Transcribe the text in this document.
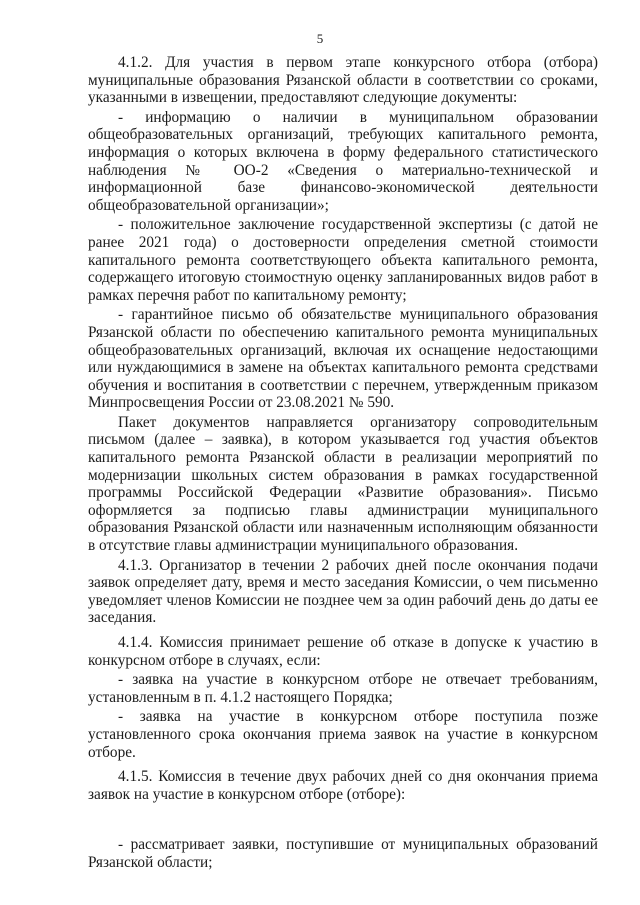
5

4.1.2. Для участия в первом этапе конкурсного отбора (отбора) муниципальные образования Рязанской области в соответствии со сроками, указанными в извещении, предоставляют следующие документы:

- информацию о наличии в муниципальном образовании общеобразовательных организаций, требующих капитального ремонта, информация о которых включена в форму федерального статистического наблюдения № ОО-2 «Сведения о материально-технической и информационной базе финансово-экономической деятельности общеобразовательной организации»;

- положительное заключение государственной экспертизы (с датой не ранее 2021 года) о достоверности определения сметной стоимости капитального ремонта соответствующего объекта капитального ремонта, содержащего итоговую стоимостную оценку запланированных видов работ в рамках перечня работ по капитальному ремонту;

- гарантийное письмо об обязательстве муниципального образования Рязанской области по обеспечению капитального ремонта муниципальных общеобразовательных организаций, включая их оснащение недостающими или нуждающимися в замене на объектах капитального ремонта средствами обучения и воспитания в соответствии с перечнем, утвержденным приказом Минпросвещения России от 23.08.2021 № 590.

Пакет документов направляется организатору сопроводительным письмом (далее – заявка), в котором указывается год участия объектов капитального ремонта Рязанской области в реализации мероприятий по модернизации школьных систем образования в рамках государственной программы Российской Федерации «Развитие образования». Письмо оформляется за подписью главы администрации муниципального образования Рязанской области или назначенным исполняющим обязанности в отсутствие главы администрации муниципального образования.

4.1.3. Организатор в течении 2 рабочих дней после окончания подачи заявок определяет дату, время и место заседания Комиссии, о чем письменно уведомляет членов Комиссии не позднее чем за один рабочий день до даты ее заседания.

4.1.4. Комиссия принимает решение об отказе в допуске к участию в конкурсном отборе в случаях, если:

- заявка на участие в конкурсном отборе не отвечает требованиям, установленным в п. 4.1.2 настоящего Порядка;

- заявка на участие в конкурсном отборе поступила позже установленного срока окончания приема заявок на участие в конкурсном отборе.

4.1.5. Комиссия в течение двух рабочих дней со дня окончания приема заявок на участие в конкурсном отборе (отборе):

- рассматривает заявки, поступившие от муниципальных образований Рязанской области;
